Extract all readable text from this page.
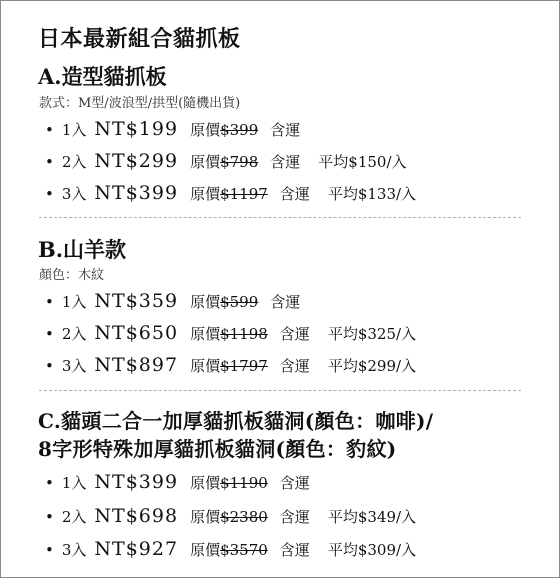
日本最新組合貓抓板
A.造型貓抓板
款式：M型/波浪型/拱型(隨機出貨)
• 1入 NT$199 原價 $399 含運
• 2入 NT$299 原價 $798 含運 平均$150/入
• 3入 NT$399 原價 $1197 含運 平均$133/入
B.山羊款
顏色：木紋
• 1入 NT$359 原價 $599 含運
• 2入 NT$650 原價 $1198 含運 平均$325/入
• 3入 NT$897 原價 $1797 含運 平均$299/入
C.貓頭二合一加厚貓抓板貓洞(顏色：咖啡)/
8字形特殊加厚貓抓板貓洞(顏色：豹紋)
• 1入 NT$399 原價 $1190 含運
• 2入 NT$698 原價 $2380 含運 平均$349/入
• 3入 NT$927 原價 $3570 含運 平均$309/入
